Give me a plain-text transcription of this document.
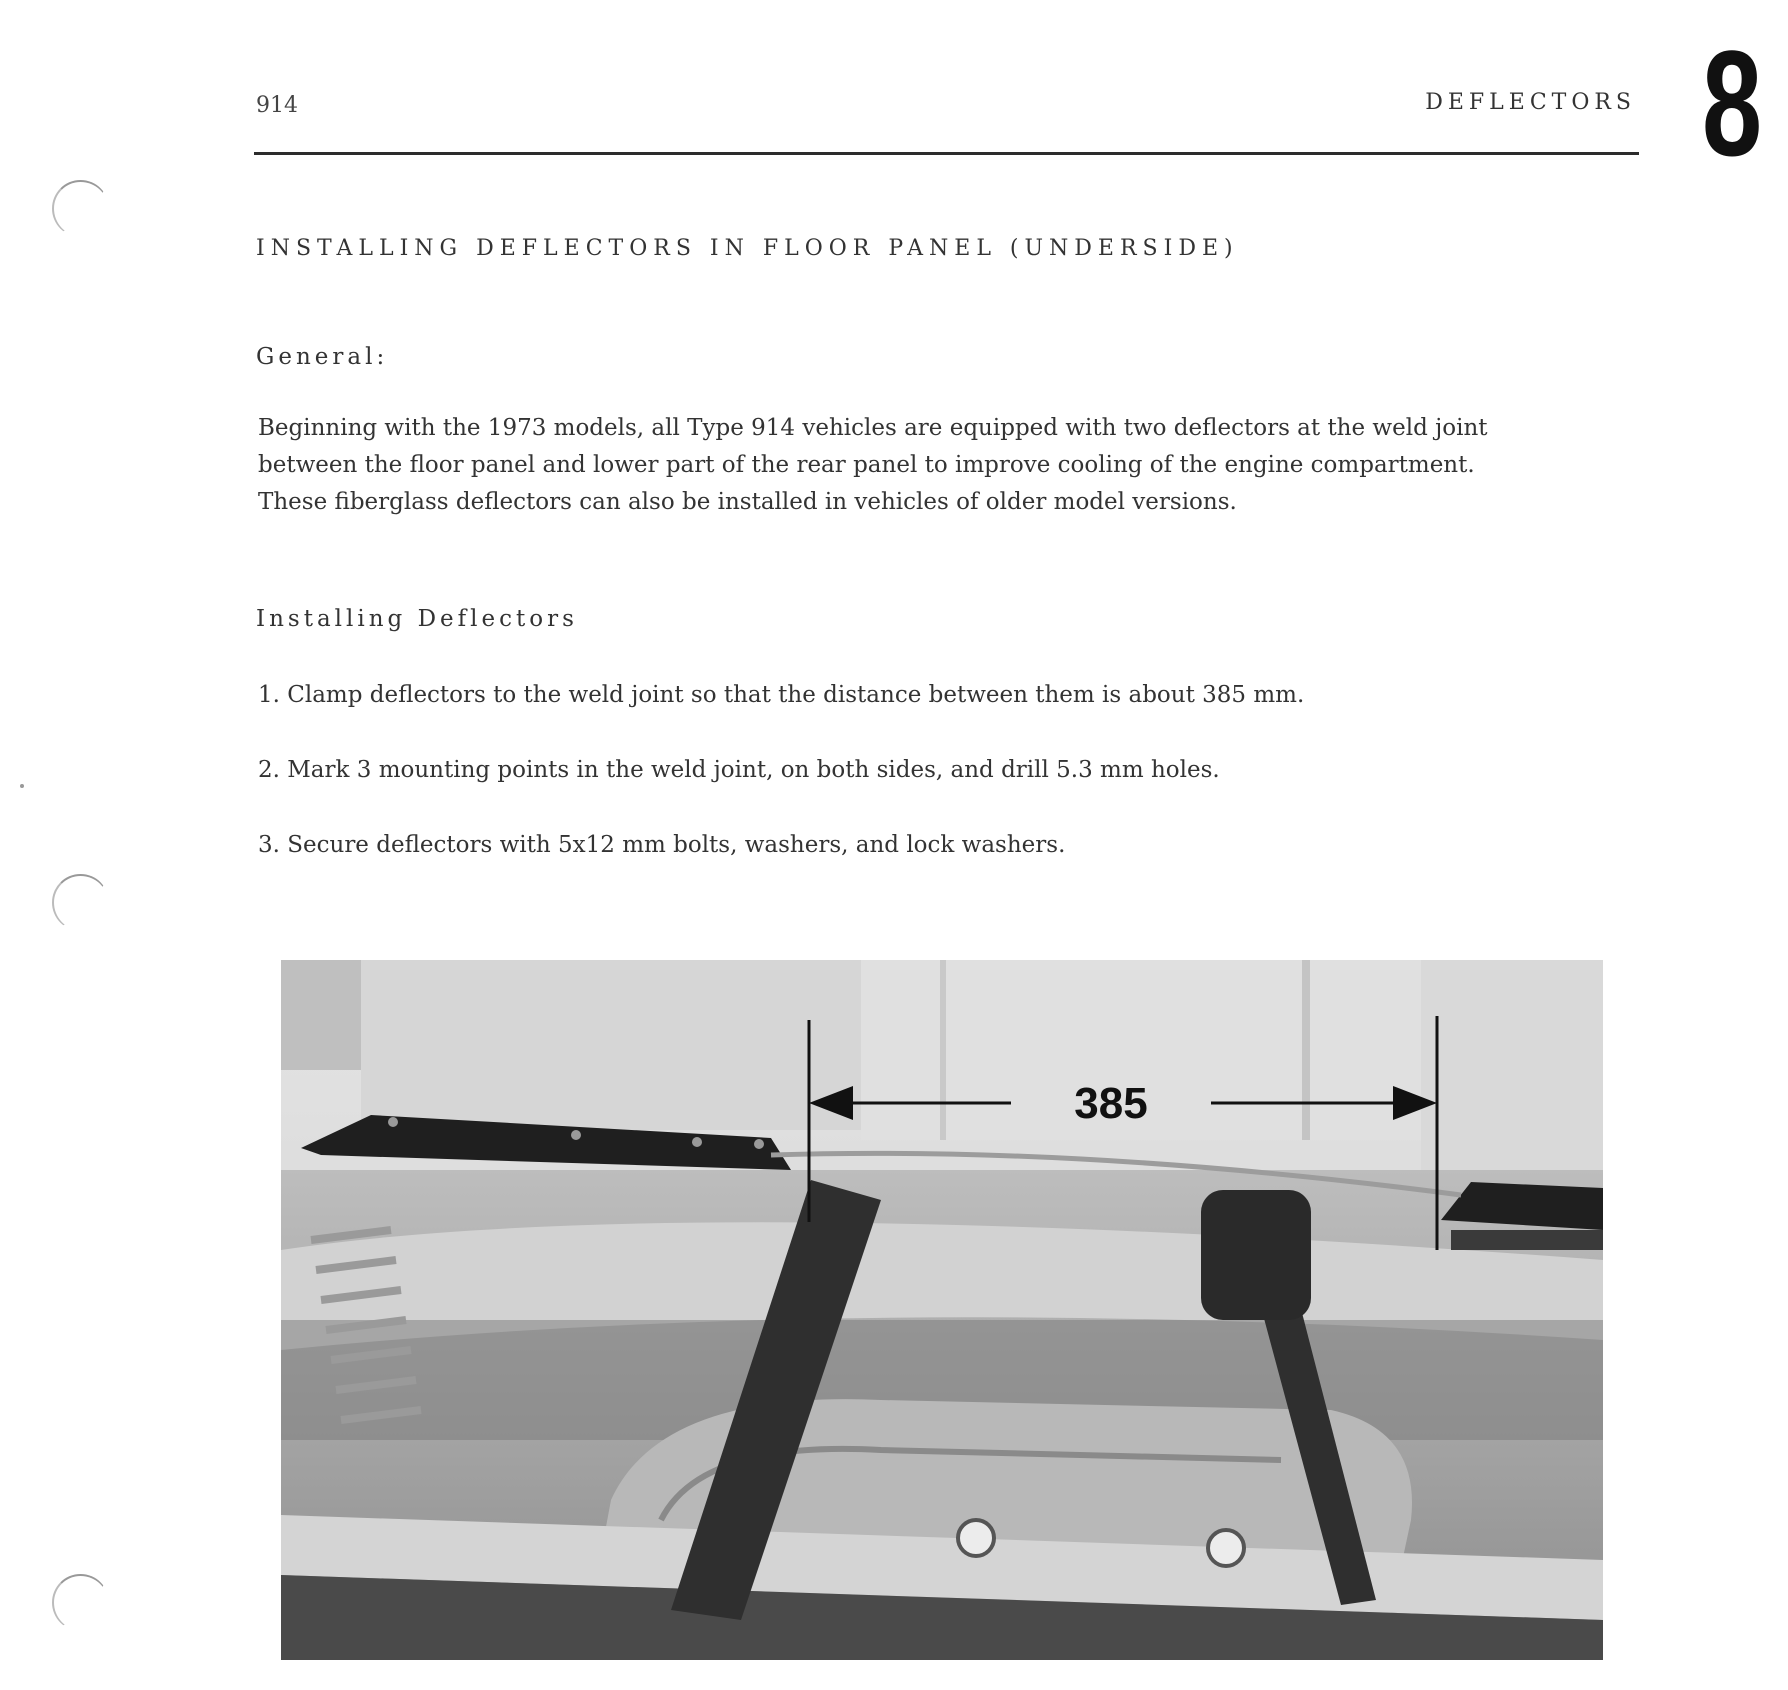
914	DEFLECTORS 8
INSTALLING DEFLECTORS IN FLOOR PANEL (UNDERSIDE)
General:

Beginning with the 1973 models, all Type 914 vehicles are equipped with two deflectors at the weld joint

between the floor panel and lower part of the rear panel to improve cooling of the engine compartment.

These fiberglass deflectors can also be installed in vehicles of older model versions.

Installing Deflectors
1. Clamp deflectors to the weld joint so that the distance between them is about 385 mm.
2. Mark 3 mounting points in the weld joint, on both sides, and drill 5.3 mm holes.
3. Secure deflectors with 5x12 mm bolts, washers, and lock washers.
385
